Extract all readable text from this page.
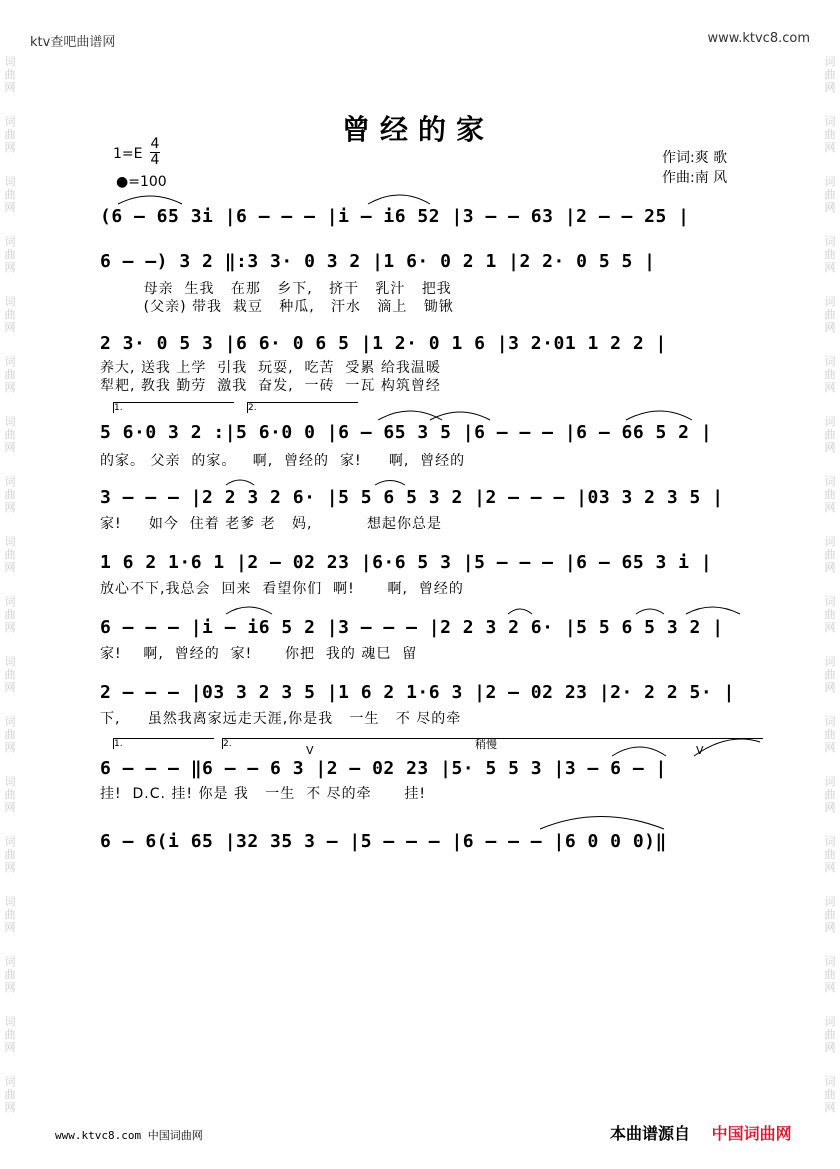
ktv查吧曲谱网	www.ktvc8.com
词
曲
网
词
曲
网
词
曲
网
词
曲
网
词
曲
网
词
曲
网
词
曲
网
词
曲
网
词
曲
网
词
曲
网
词
曲
网
词
曲
网
词
曲
网
词
曲
网
词
曲
网
词
曲
网
词
曲
网
词
曲
网
词
曲
网
词
曲
网
词
曲
网
词
曲
网
词
曲
网
词
曲
网
词
曲
网
词
曲
网
词
曲
网
词
曲
网
词
曲
网
词
曲
网
词
曲
网
词
曲
网
词
曲
网
词
曲
网
词
曲
网
词
曲
网
曾经的家
1=E
4
4
●=100
作词:爽 歌
作曲:南 风
(6 – 65 3i |6 – – – |i – i6 52 |3 – – 63 |2 – – 25 |
6 – –) 3 2 ‖:3 3· 0 3 2 |1 6· 0 2 1 |2 2· 0 5 5 |
母亲  生我   在那   乡下,   挤干   乳汁   把我
(父亲) 带我  栽豆   种瓜,   汗水   滴上   锄锹
2 3· 0 5 3 |6 6· 0 6 5 |1 2· 0 1 6 |3 2·01 1 2 2 |
养大, 送我 上学  引我  玩耍,  吃苦  受累 给我温暖
犁耙, 教我 勤劳  激我  奋发,  一砖  一瓦 构筑曾经
1.	2.
5 6·0 3 2 :|5 6·0 0 |6 – 65 3 5 |6 – – – |6 – 66 5 2 |
的家。 父亲  的家。   啊,  曾经的  家!     啊,  曾经的
3 – – – |2 2 3 2 6· |5 5 6 5 3 2 |2 – – – |03 3 2 3 5 |
家!     如今  住着 老爹 老   妈,          想起你总是
1 6 2 1·6 1 |2 – 02 23 |6·6 5 3 |5 – – – |6 – 65 3 i |
放心不下,我总会  回来  看望你们  啊!      啊,  曾经的
6 – – – |i – i6 5 2 |3 – – – |2 2 3 2 6· |5 5 6 5 3 2 |
家!    啊,  曾经的  家!      你把  我的 魂巳  留
2 – – – |03 3 2 3 5 |1 6 2 1·6 3 |2 – 02 23 |2· 2 2 5· |
下,     虽然我离家远走天涯,你是我   一生   不 尽的牵
1.	2.	稍慢
V	V
6 – – – ‖6 – – 6 3 |2 – 02 23 |5· 5 5 3 |3 – 6 – |
挂!  D.C. 挂! 你是 我   一生  不 尽的牵      挂!
6 – 6(i 65 |32 35 3 – |5 – – – |6 – – – |6 0 0 0)‖
www.ktvc8.com 中国词曲网	本曲谱源自 中国词曲网
